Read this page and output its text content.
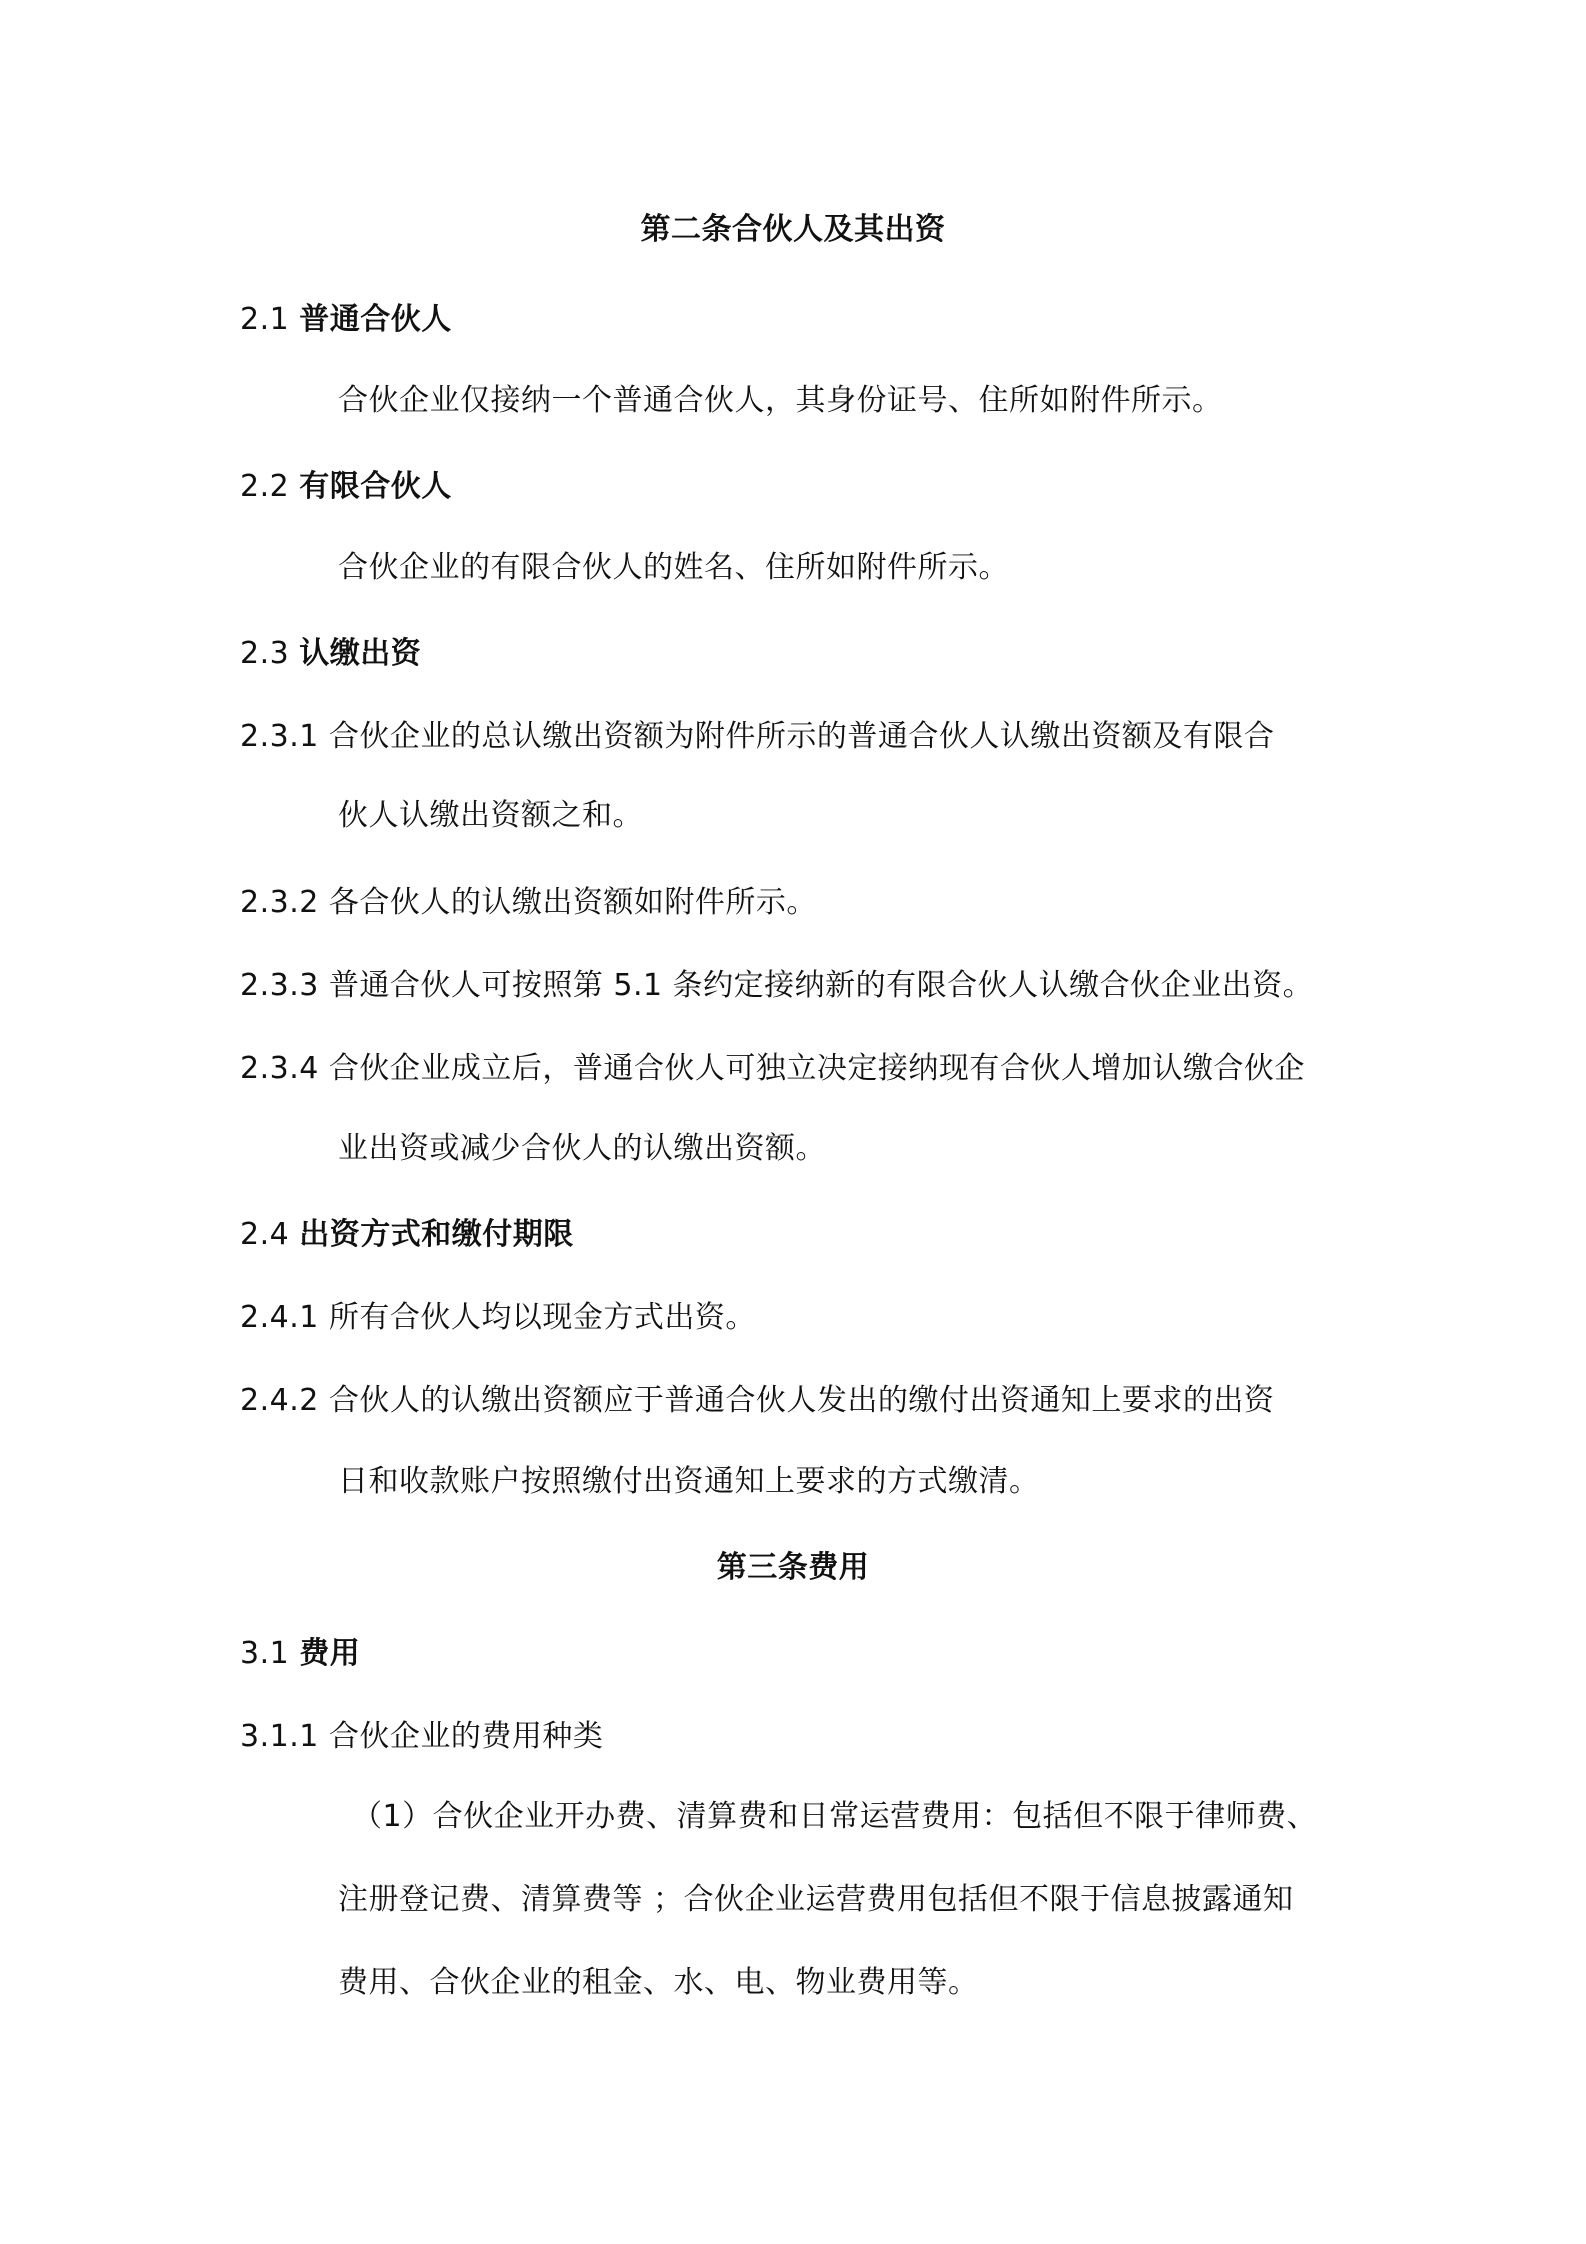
第二条合伙人及其出资
2.1 普通合伙人
合伙企业仅接纳一个普通合伙人，其身份证号、住所如附件所示。
2.2 有限合伙人
合伙企业的有限合伙人的姓名、住所如附件所示。
2.3 认缴出资
2.3.1 合伙企业的总认缴出资额为附件所示的普通合伙人认缴出资额及有限合
伙人认缴出资额之和。
2.3.2 各合伙人的认缴出资额如附件所示。
2.3.3 普通合伙人可按照第 5.1 条约定接纳新的有限合伙人认缴合伙企业出资。
2.3.4 合伙企业成立后，普通合伙人可独立决定接纳现有合伙人增加认缴合伙企
业出资或减少合伙人的认缴出资额。
2.4 出资方式和缴付期限
2.4.1 所有合伙人均以现金方式出资。
2.4.2 合伙人的认缴出资额应于普通合伙人发出的缴付出资通知上要求的出资
日和收款账户按照缴付出资通知上要求的方式缴清。
第三条费用
3.1 费用
3.1.1 合伙企业的费用种类
（1）合伙企业开办费、清算费和日常运营费用：包括但不限于律师费、
注册登记费、清算费等 ；合伙企业运营费用包括但不限于信息披露通知
费用、合伙企业的租金、水、电、物业费用等。
